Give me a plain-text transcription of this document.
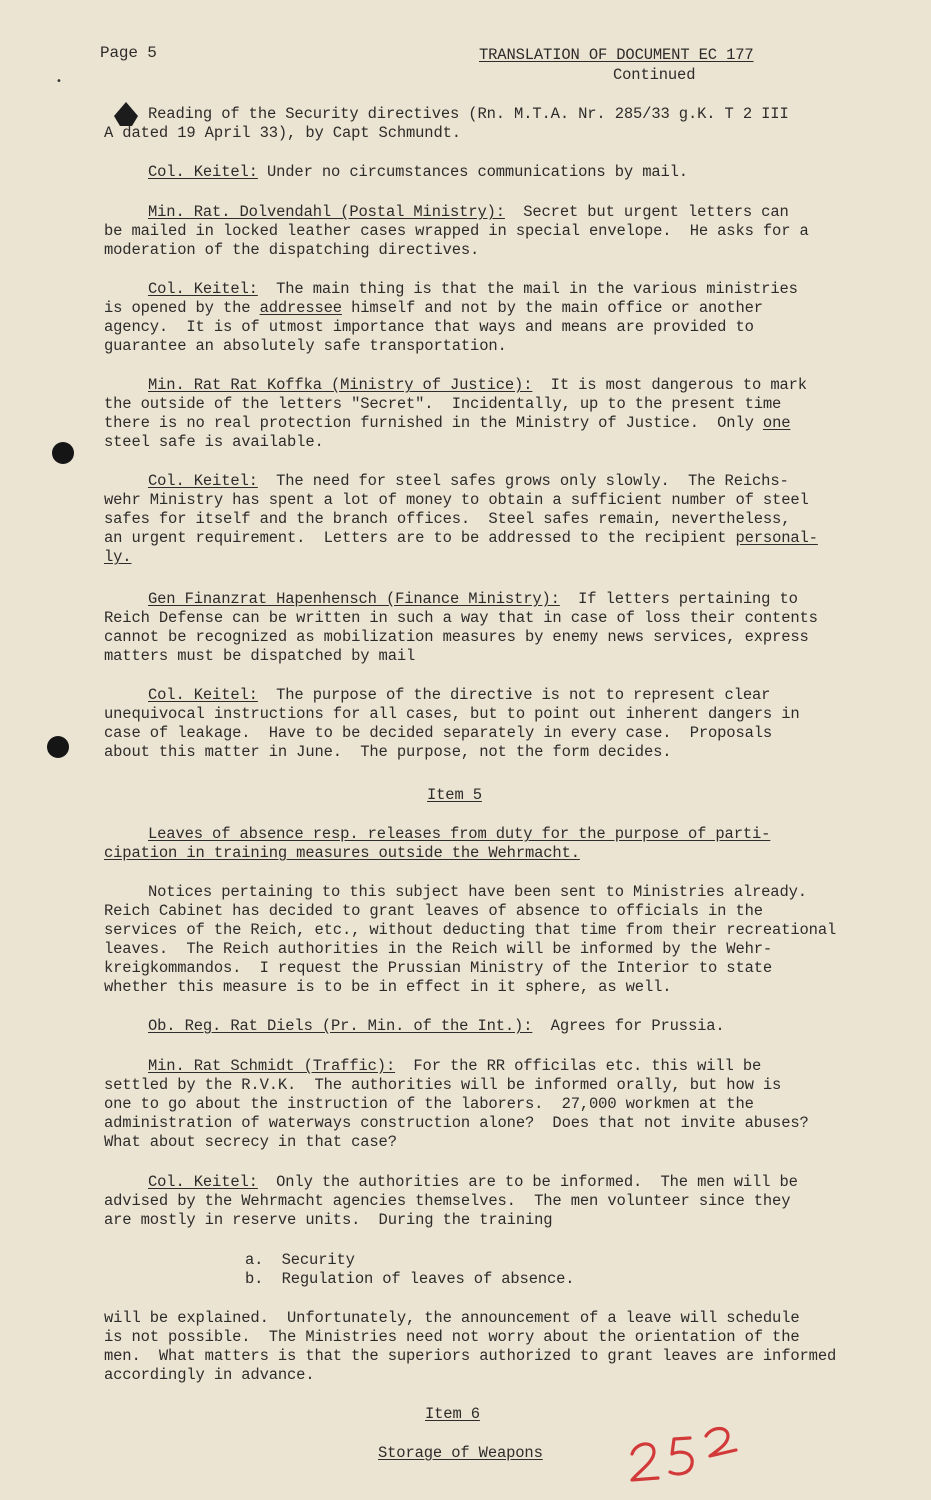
Page 5	TRANSLATION OF DOCUMENT EC 177
Continued
•
Reading of the Security directives (Rn. M.T.A. Nr. 285/33 g.K. T 2 III
A dated 19 April 33), by Capt Schmundt.
Col. Keitel: Under no circumstances communications by mail.
Min. Rat. Dolvendahl (Postal Ministry):  Secret but urgent letters can
be mailed in locked leather cases wrapped in special envelope.  He asks for a
moderation of the dispatching directives.
Col. Keitel:  The main thing is that the mail in the various ministries
is opened by the addressee himself and not by the main office or another
agency.  It is of utmost importance that ways and means are provided to
guarantee an absolutely safe transportation.
Min. Rat Rat Koffka (Ministry of Justice):  It is most dangerous to mark
the outside of the letters "Secret".  Incidentally, up to the present time
there is no real protection furnished in the Ministry of Justice.  Only one
steel safe is available.
Col. Keitel:  The need for steel safes grows only slowly.  The Reichs-
wehr Ministry has spent a lot of money to obtain a sufficient number of steel
safes for itself and the branch offices.  Steel safes remain, nevertheless,
an urgent requirement.  Letters are to be addressed to the recipient personal-
ly.
Gen Finanzrat Hapenhensch (Finance Ministry):  If letters pertaining to
Reich Defense can be written in such a way that in case of loss their contents
cannot be recognized as mobilization measures by enemy news services, express
matters must be dispatched by mail
Col. Keitel:  The purpose of the directive is not to represent clear
unequivocal instructions for all cases, but to point out inherent dangers in
case of leakage.  Have to be decided separately in every case.  Proposals
about this matter in June.  The purpose, not the form decides.
Item 5
Leaves of absence resp. releases from duty for the purpose of parti-
cipation in training measures outside the Wehrmacht.
Notices pertaining to this subject have been sent to Ministries already.
Reich Cabinet has decided to grant leaves of absence to officials in the
services of the Reich, etc., without deducting that time from their recreational
leaves.  The Reich authorities in the Reich will be informed by the Wehr-
kreigkommandos.  I request the Prussian Ministry of the Interior to state
whether this measure is to be in effect in it sphere, as well.
Ob. Reg. Rat Diels (Pr. Min. of the Int.):  Agrees for Prussia.
Min. Rat Schmidt (Traffic):  For the RR officilas etc. this will be
settled by the R.V.K.  The authorities will be informed orally, but how is
one to go about the instruction of the laborers.  27,000 workmen at the
administration of waterways construction alone?  Does that not invite abuses?
What about secrecy in that case?
Col. Keitel:  Only the authorities are to be informed.  The men will be
advised by the Wehrmacht agencies themselves.  The men volunteer since they
are mostly in reserve units.  During the training
a.  Security
b.  Regulation of leaves of absence.
will be explained.  Unfortunately, the announcement of a leave will schedule
is not possible.  The Ministries need not worry about the orientation of the
men.  What matters is that the superiors authorized to grant leaves are informed
accordingly in advance.
Item 6
Storage of Weapons
